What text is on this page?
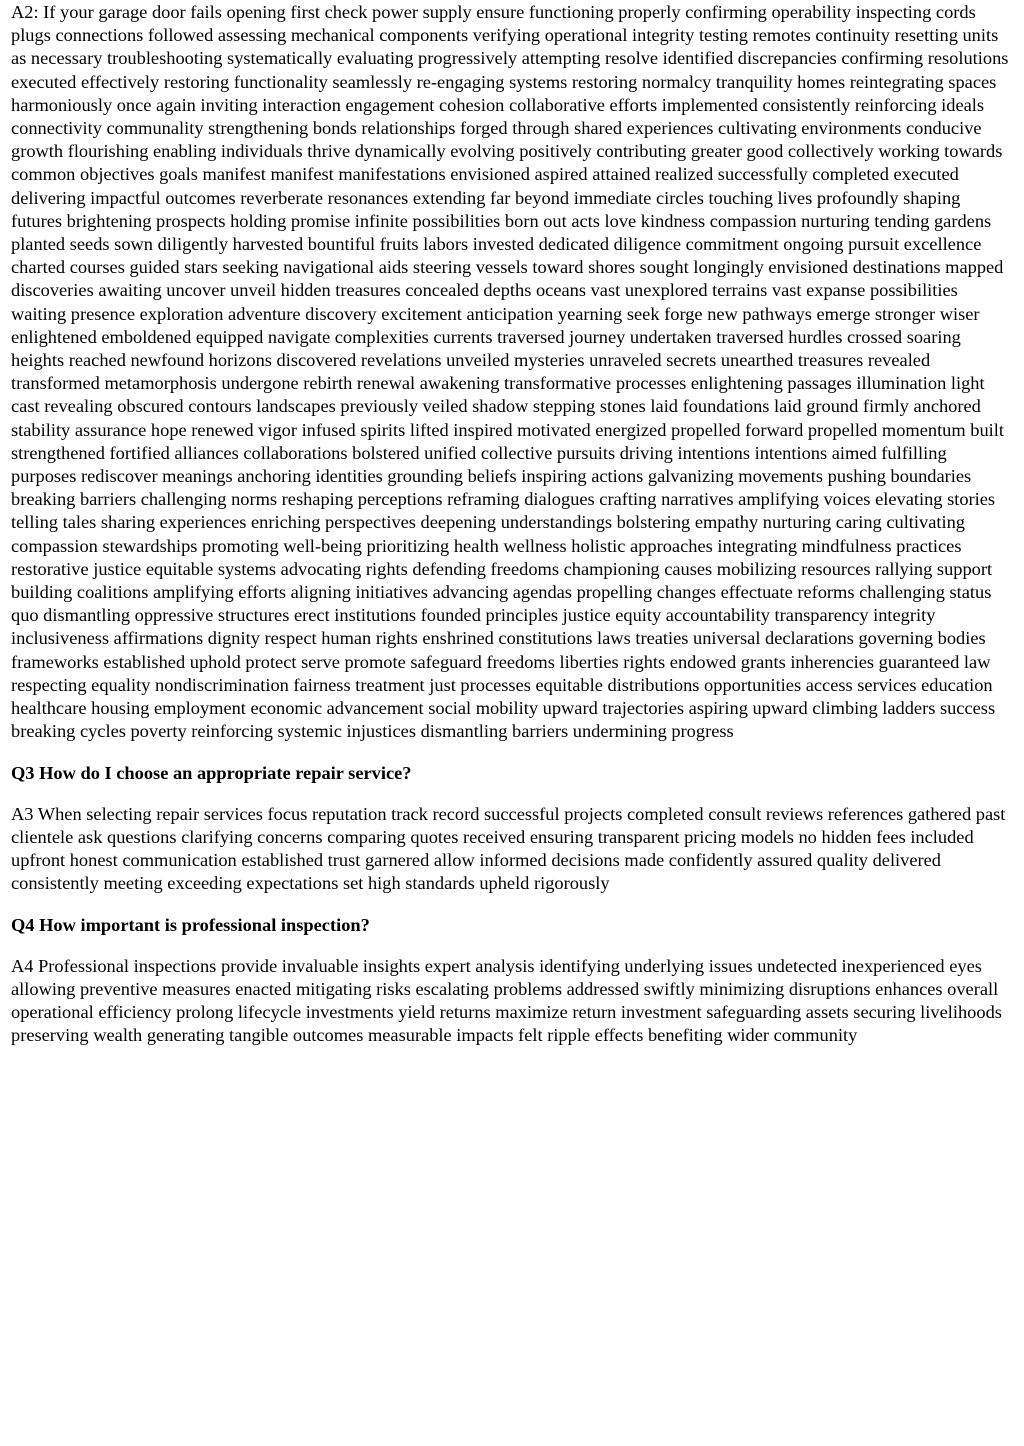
A2: If your garage door fails opening first check power supply ensure functioning properly confirming operability inspecting cords plugs connections followed assessing mechanical components verifying operational integrity testing remotes continuity resetting units as necessary troubleshooting systematically evaluating progressively attempting resolve identified discrepancies confirming resolutions executed effectively restoring functionality seamlessly re-engaging systems restoring normalcy tranquility homes reintegrating spaces harmoniously once again inviting interaction engagement cohesion collaborative efforts implemented consistently reinforcing ideals connectivity communality strengthening bonds relationships forged through shared experiences cultivating environments conducive growth flourishing enabling individuals thrive dynamically evolving positively contributing greater good collectively working towards common objectives goals manifest manifest manifestations envisioned aspired attained realized successfully completed executed delivering impactful outcomes reverberate resonances extending far beyond immediate circles touching lives profoundly shaping futures brightening prospects holding promise infinite possibilities born out acts love kindness compassion nurturing tending gardens planted seeds sown diligently harvested bountiful fruits labors invested dedicated diligence commitment ongoing pursuit excellence charted courses guided stars seeking navigational aids steering vessels toward shores sought longingly envisioned destinations mapped discoveries awaiting uncover unveil hidden treasures concealed depths oceans vast unexplored terrains vast expanse possibilities waiting presence exploration adventure discovery excitement anticipation yearning seek forge new pathways emerge stronger wiser enlightened emboldened equipped navigate complexities currents traversed journey undertaken traversed hurdles crossed soaring heights reached newfound horizons discovered revelations unveiled mysteries unraveled secrets unearthed treasures revealed transformed metamorphosis undergone rebirth renewal awakening transformative processes enlightening passages illumination light cast revealing obscured contours landscapes previously veiled shadow stepping stones laid foundations laid ground firmly anchored stability assurance hope renewed vigor infused spirits lifted inspired motivated energized propelled forward propelled momentum built strengthened fortified alliances collaborations bolstered unified collective pursuits driving intentions intentions aimed fulfilling purposes rediscover meanings anchoring identities grounding beliefs inspiring actions galvanizing movements pushing boundaries breaking barriers challenging norms reshaping perceptions reframing dialogues crafting narratives amplifying voices elevating stories telling tales sharing experiences enriching perspectives deepening understandings bolstering empathy nurturing caring cultivating compassion stewardships promoting well-being prioritizing health wellness holistic approaches integrating mindfulness practices restorative justice equitable systems advocating rights defending freedoms championing causes mobilizing resources rallying support building coalitions amplifying efforts aligning initiatives advancing agendas propelling changes effectuate reforms challenging status quo dismantling oppressive structures erect institutions founded principles justice equity accountability transparency integrity inclusiveness affirmations dignity respect human rights enshrined constitutions laws treaties universal declarations governing bodies frameworks established uphold protect serve promote safeguard freedoms liberties rights endowed grants inherencies guaranteed law respecting equality nondiscrimination fairness treatment just processes equitable distributions opportunities access services education healthcare housing employment economic advancement social mobility upward trajectories aspiring upward climbing ladders success breaking cycles poverty reinforcing systemic injustices dismantling barriers undermining progress

Q3 How do I choose an appropriate repair service?

A3 When selecting repair services focus reputation track record successful projects completed consult reviews references gathered past clientele ask questions clarifying concerns comparing quotes received ensuring transparent pricing models no hidden fees included upfront honest communication established trust garnered allow informed decisions made confidently assured quality delivered consistently meeting exceeding expectations set high standards upheld rigorously

Q4 How important is professional inspection?

A4 Professional inspections provide invaluable insights expert analysis identifying underlying issues undetected inexperienced eyes allowing preventive measures enacted mitigating risks escalating problems addressed swiftly minimizing disruptions enhances overall operational efficiency prolong lifecycle investments yield returns maximize return investment safeguarding assets securing livelihoods preserving wealth generating tangible outcomes measurable impacts felt ripple effects benefiting wider community
